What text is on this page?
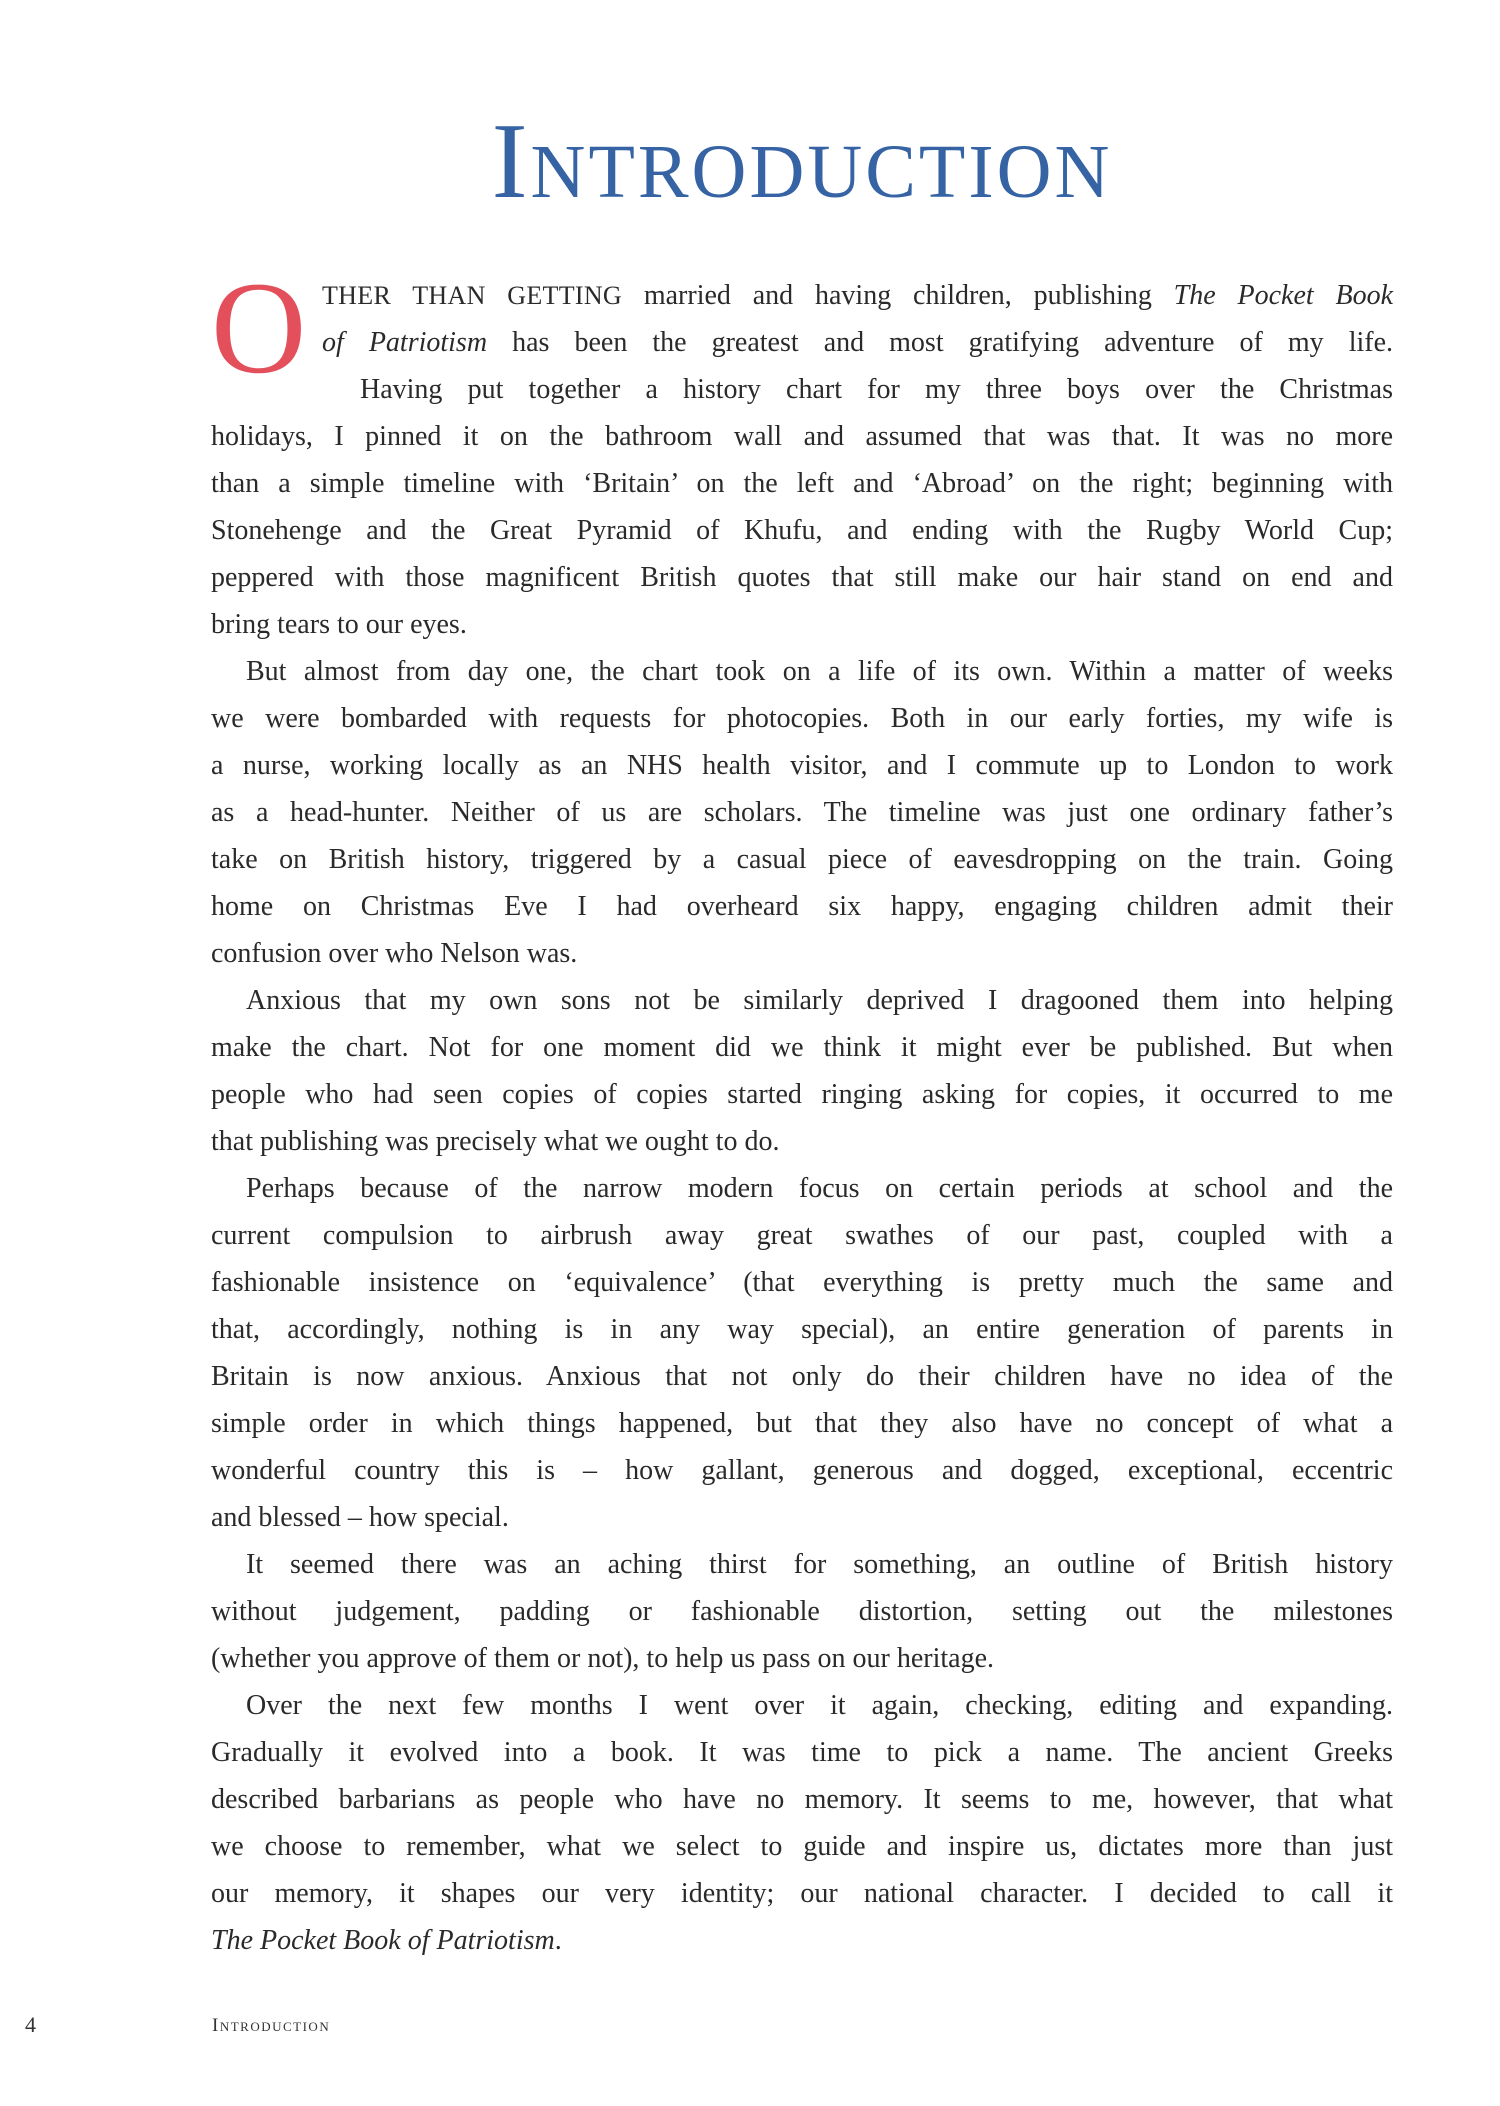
Introduction
O THER THAN GETTING married and having children, publishing The Pocket Book
of Patriotism has been the greatest and most gratifying adventure of my life.
Having put together a history chart for my three boys over the Christmas
holidays, I pinned it on the bathroom wall and assumed that was that. It was no more
than a simple timeline with ‘Britain’ on the left and ‘Abroad’ on the right; beginning with
Stonehenge and the Great Pyramid of Khufu, and ending with the Rugby World Cup;
peppered with those magnificent British quotes that still make our hair stand on end and
bring tears to our eyes.
But almost from day one, the chart took on a life of its own. Within a matter of weeks
we were bombarded with requests for photocopies. Both in our early forties, my wife is
a nurse, working locally as an NHS health visitor, and I commute up to London to work
as a head-hunter. Neither of us are scholars. The timeline was just one ordinary father’s
take on British history, triggered by a casual piece of eavesdropping on the train. Going
home on Christmas Eve I had overheard six happy, engaging children admit their
confusion over who Nelson was.
Anxious that my own sons not be similarly deprived I dragooned them into helping
make the chart. Not for one moment did we think it might ever be published. But when
people who had seen copies of copies started ringing asking for copies, it occurred to me
that publishing was precisely what we ought to do.
Perhaps because of the narrow modern focus on certain periods at school and the
current compulsion to airbrush away great swathes of our past, coupled with a
fashionable insistence on ‘equivalence’ (that everything is pretty much the same and
that, accordingly, nothing is in any way special), an entire generation of parents in
Britain is now anxious. Anxious that not only do their children have no idea of the
simple order in which things happened, but that they also have no concept of what a
wonderful country this is – how gallant, generous and dogged, exceptional, eccentric
and blessed – how special.
It seemed there was an aching thirst for something, an outline of British history
without judgement, padding or fashionable distortion, setting out the milestones
(whether you approve of them or not), to help us pass on our heritage.
Over the next few months I went over it again, checking, editing and expanding.
Gradually it evolved into a book. It was time to pick a name. The ancient Greeks
described barbarians as people who have no memory. It seems to me, however, that what
we choose to remember, what we select to guide and inspire us, dictates more than just
our memory, it shapes our very identity; our national character. I decided to call it
The Pocket Book of Patriotism.
4	Introduction
